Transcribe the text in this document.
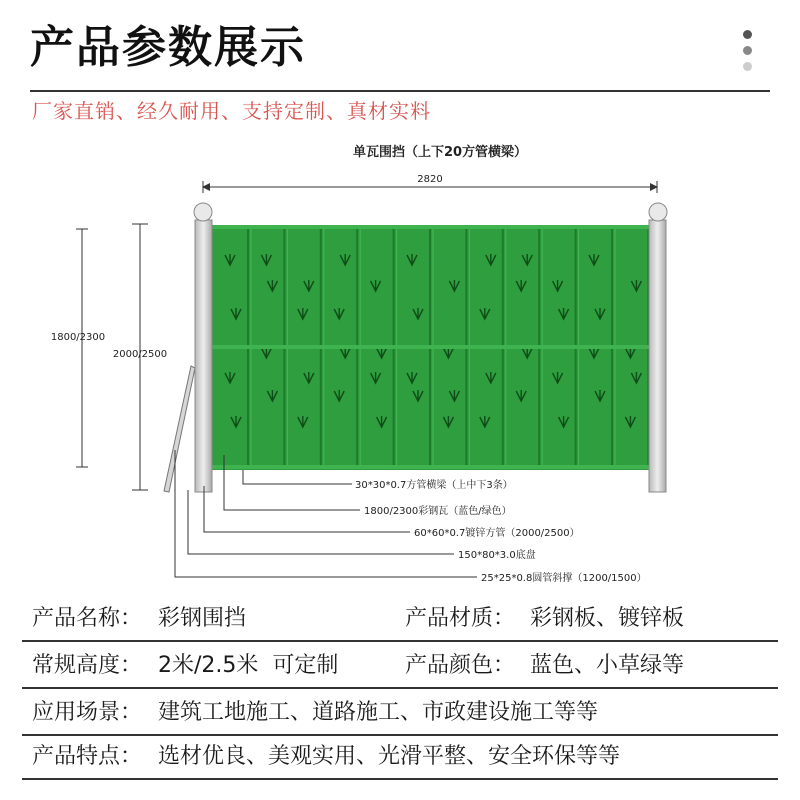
产品参数展示
厂家直销、经久耐用、支持定制、真材实料
单瓦围挡（上下20方管横梁）
2820
1800/2300
2000/2500
30*30*0.7方管横梁（上中下3条）
1800/2300彩钢瓦（蓝色/绿色）
60*60*0.7镀锌方管（2000/2500）
150*80*3.0底盘
25*25*0.8圆管斜撑（1200/1500）
产品名称： 彩钢围挡	产品材质： 彩钢板、镀锌板
常规高度： 2米/2.5米  可定制	产品颜色： 蓝色、小草绿等
应用场景： 建筑工地施工、道路施工、市政建设施工等等
产品特点： 选材优良、美观实用、光滑平整、安全环保等等
